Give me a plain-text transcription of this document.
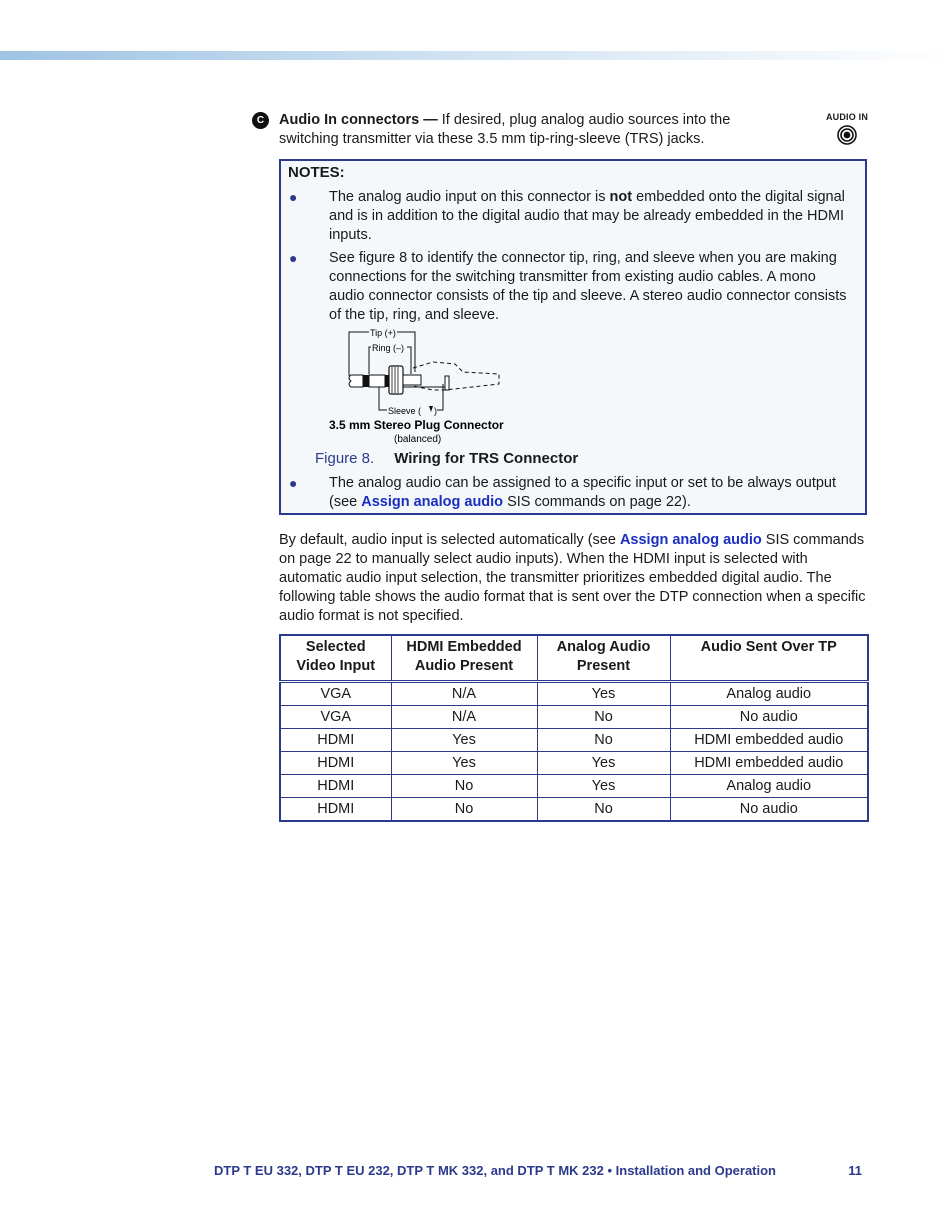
C	Audio In connectors — If desired, plug analog audio sources into the switching transmitter via these 3.5 mm tip-ring-sleeve (TRS) jacks.
AUDIO IN
NOTES:
●	The analog audio input on this connector is not embedded onto the digital signal and is in addition to the digital audio that may be already embedded in the HDMI inputs.
●	See figure 8 to identify the connector tip, ring, and sleeve when you are making connections for the switching transmitter from existing audio cables. A mono audio connector consists of the tip and sleeve. A stereo audio connector consists of the tip, ring, and sleeve.
Tip (+)
Ring (–)
Sleeve ( )
3.5 mm Stereo Plug Connector
(balanced)
Figure 8. Wiring for TRS Connector
●	The analog audio can be assigned to a specific input or set to be always output (see Assign analog audio SIS commands on page 22).
By default, audio input is selected automatically (see Assign analog audio SIS commands on page 22 to manually select audio inputs). When the HDMI input is selected with automatic audio input selection, the transmitter prioritizes embedded digital audio. The following table shows the audio format that is sent over the DTP connection when a specific audio format is not specified.
Selected Video Input	HDMI Embedded Audio Present	Analog Audio Present	Audio Sent Over TP
VGA	N/A	Yes	Analog audio
VGA	N/A	No	No audio
HDMI	Yes	No	HDMI embedded audio
HDMI	Yes	Yes	HDMI embedded audio
HDMI	No	Yes	Analog audio
HDMI	No	No	No audio
DTP T EU 332, DTP T EU 232, DTP T MK 332, and DTP T MK 232 • Installation and Operation	11
